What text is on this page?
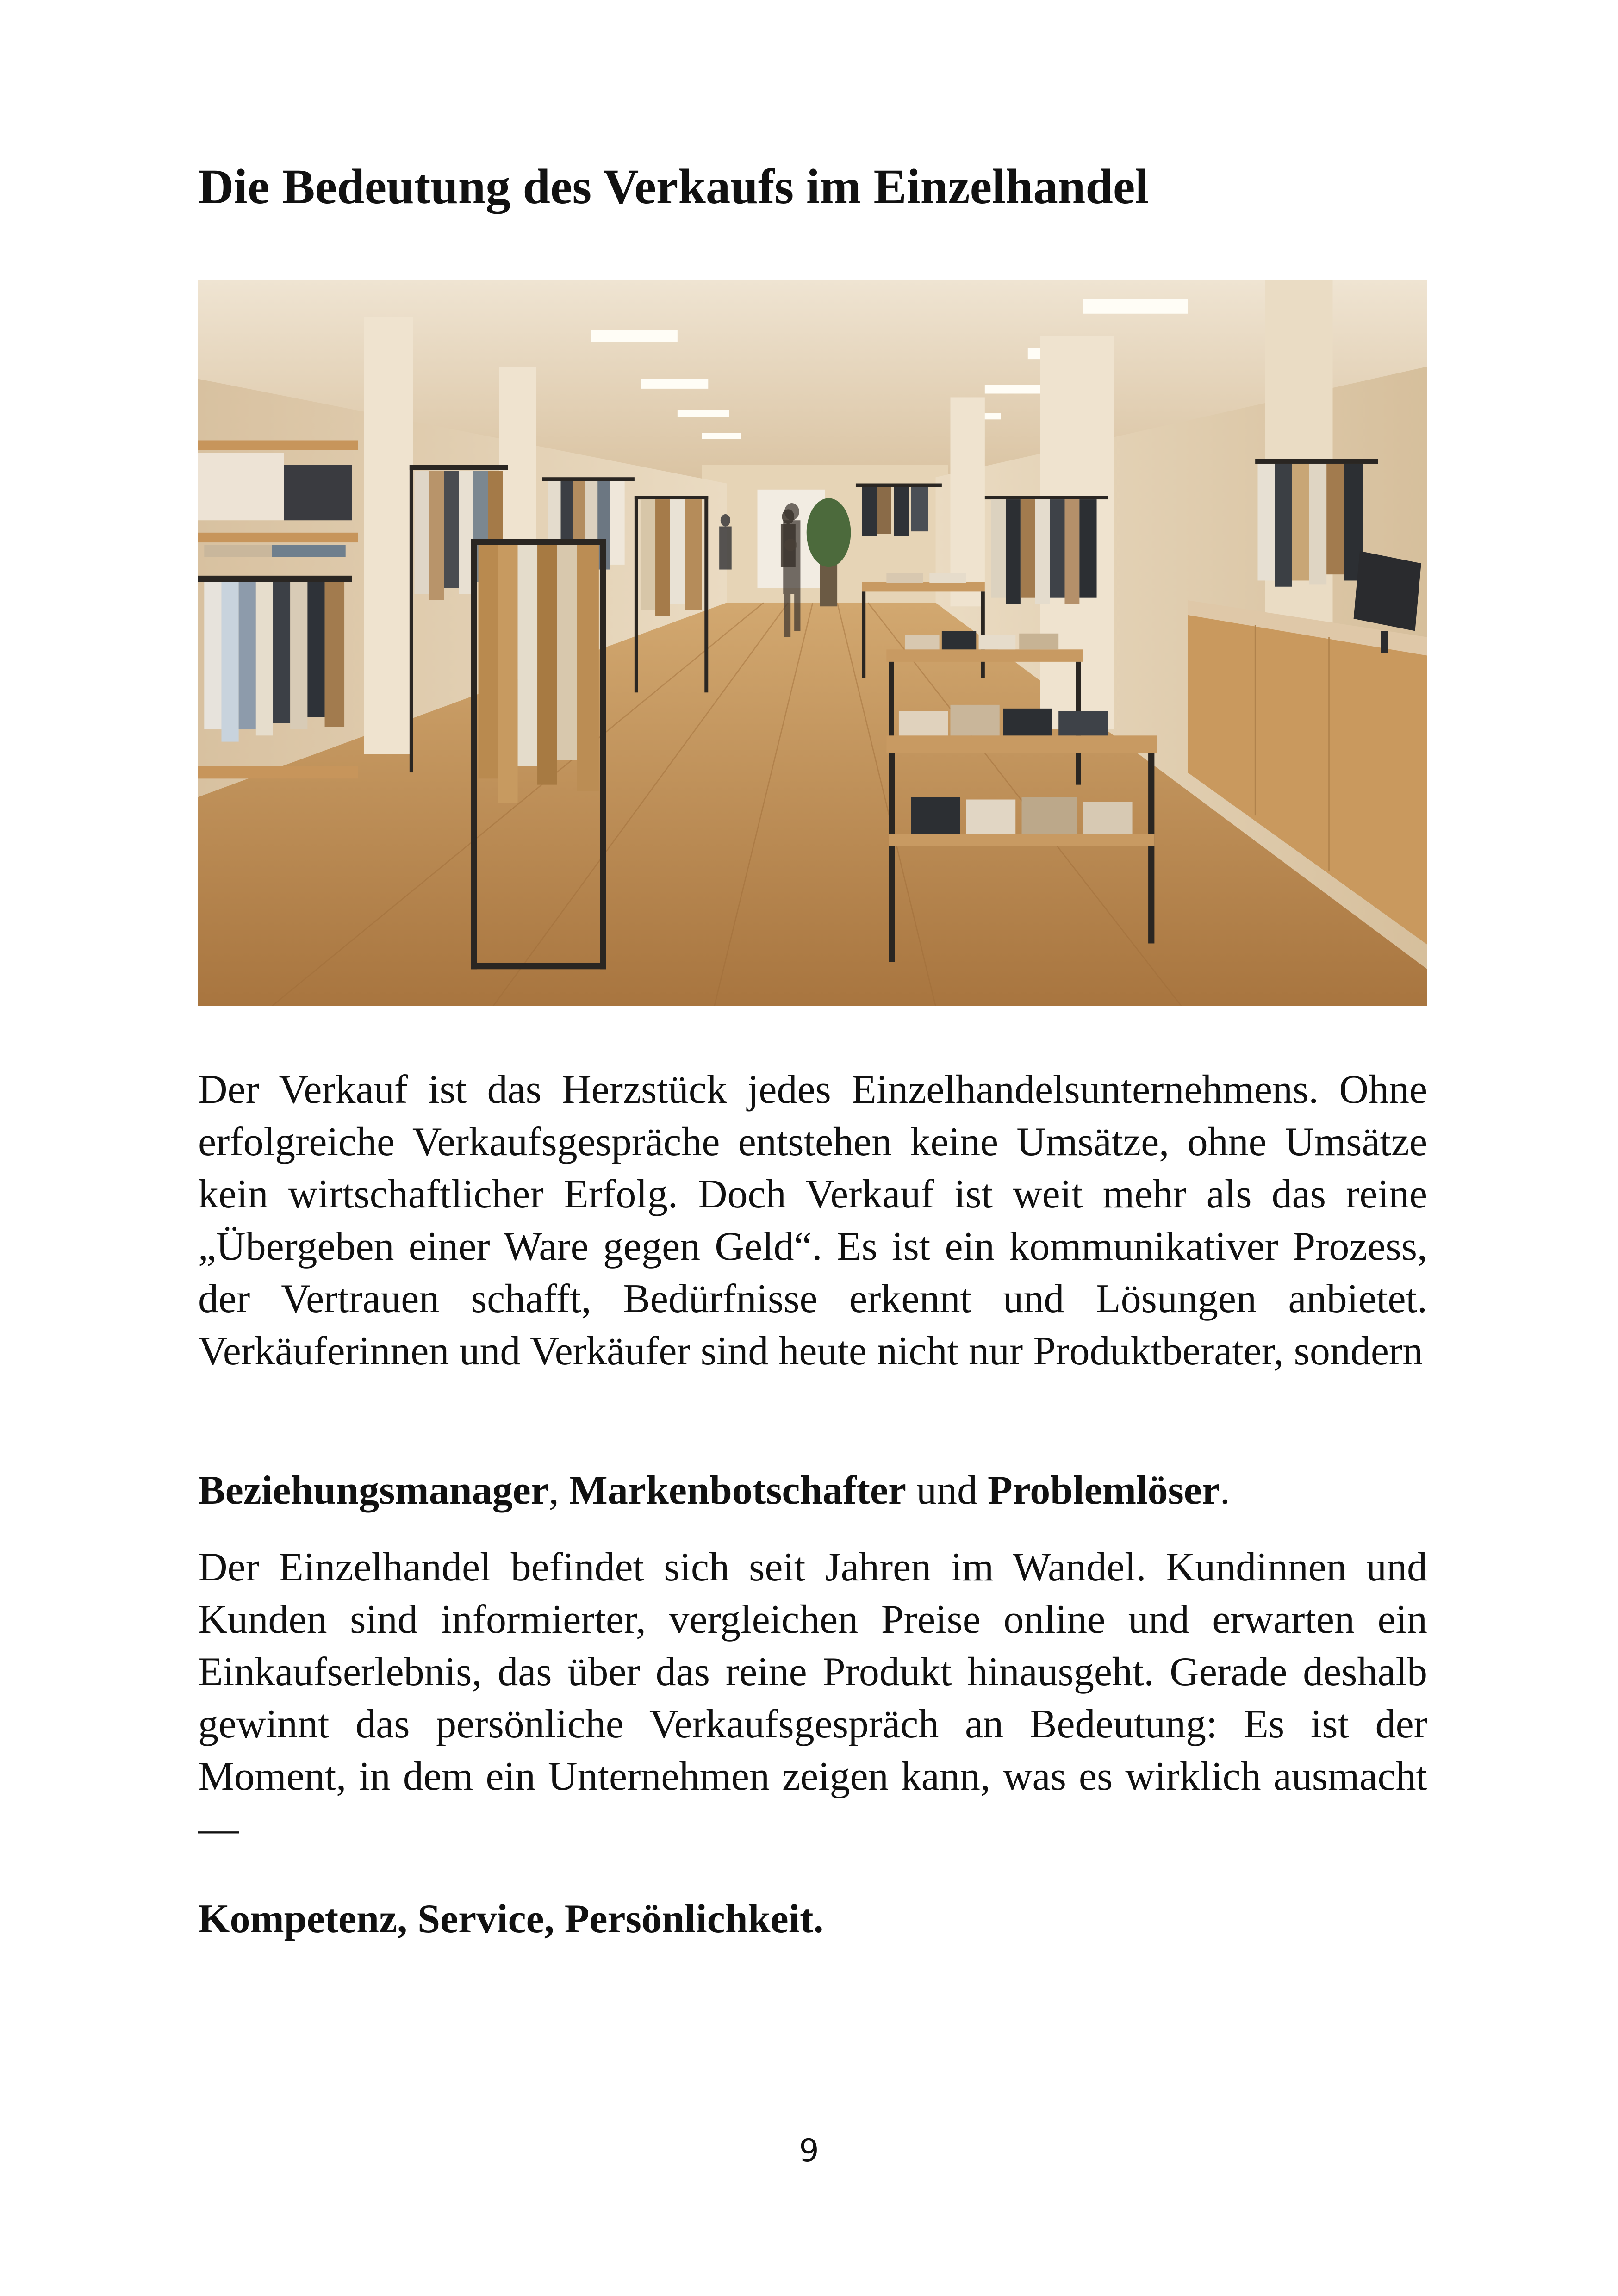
Die Bedeutung des Verkaufs im Einzelhandel

Der Verkauf ist das Herzstück jedes Einzelhandelsunternehmens. Ohne erfolgreiche Verkaufsgespräche entstehen keine Umsätze, ohne Umsätze kein wirtschaftlicher Erfolg. Doch Verkauf ist weit mehr als das reine „Übergeben einer Ware gegen Geld“. Es ist ein kommunikativer Prozess, der Vertrauen schafft, Bedürfnisse erkennt und Lösungen anbietet. Verkäuferinnen und Verkäufer sind heute nicht nur Produktberater, sondern

Beziehungsmanager, Markenbotschafter und Problemlöser.

Der Einzelhandel befindet sich seit Jahren im Wandel. Kundinnen und Kunden sind informierter, vergleichen Preise online und erwarten ein Einkaufserlebnis, das über das reine Produkt hinausgeht. Gerade deshalb gewinnt das persönliche Verkaufsgespräch an Bedeutung: Es ist der Moment, in dem ein Unternehmen zeigen kann, was es wirklich ausmacht —

Kompetenz, Service, Persönlichkeit.

9
